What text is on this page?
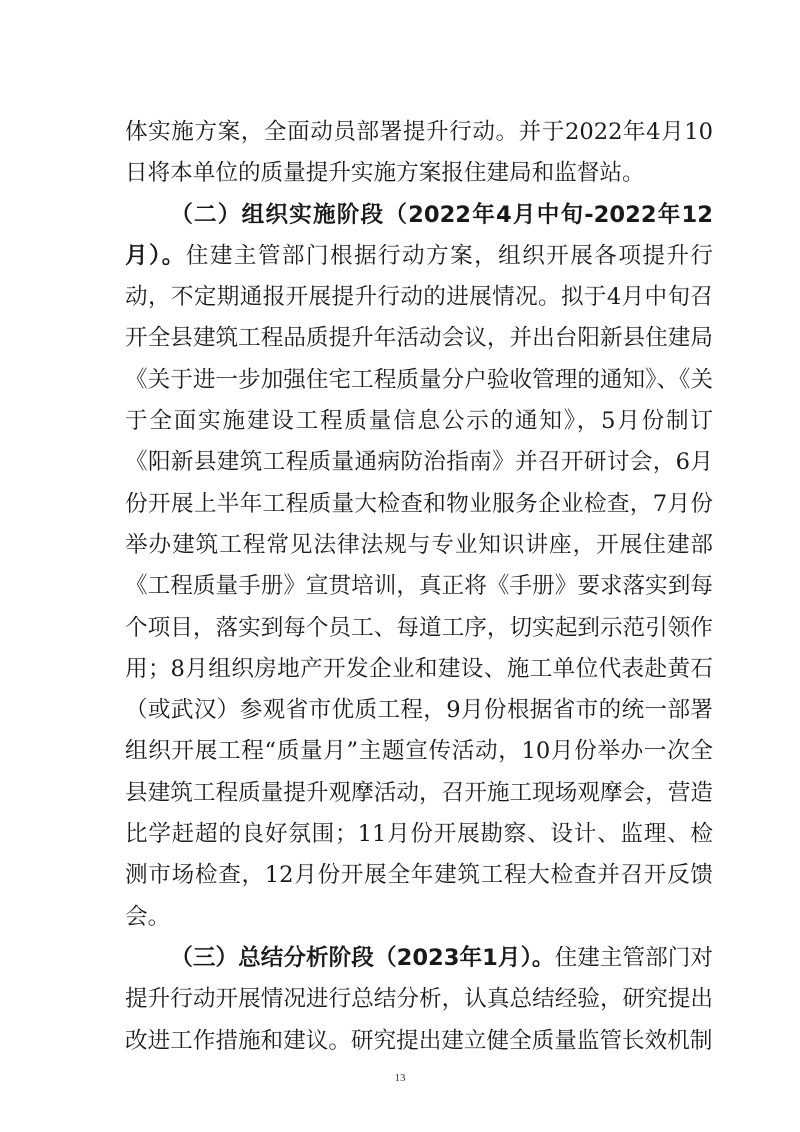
体实施方案，全面动员部署提升行动。并于2022年4月10日将本单位的质量提升实施方案报住建局和监督站。

（二）组织实施阶段（2022年4月中旬-2022年12月）。住建主管部门根据行动方案，组织开展各项提升行动，不定期通报开展提升行动的进展情况。拟于4月中旬召开全县建筑工程品质提升年活动会议，并出台阳新县住建局《关于进一步加强住宅工程质量分户验收管理的通知》、《关于全面实施建设工程质量信息公示的通知》，5月份制订《阳新县建筑工程质量通病防治指南》并召开研讨会，6月份开展上半年工程质量大检查和物业服务企业检查，7月份举办建筑工程常见法律法规与专业知识讲座，开展住建部《工程质量手册》宣贯培训，真正将《手册》要求落实到每个项目，落实到每个员工、每道工序，切实起到示范引领作用；8月组织房地产开发企业和建设、施工单位代表赴黄石（或武汉）参观省市优质工程，9月份根据省市的统一部署组织开展工程“质量月”主题宣传活动，10月份举办一次全县建筑工程质量提升观摩活动，召开施工现场观摩会，营造比学赶超的良好氛围；11月份开展勘察、设计、监理、检测市场检查，12月份开展全年建筑工程大检查并召开反馈会。

（三）总结分析阶段（2023年1月）。住建主管部门对提升行动开展情况进行总结分析，认真总结经验，研究提出改进工作措施和建议。研究提出建立健全质量监管长效机制

13
